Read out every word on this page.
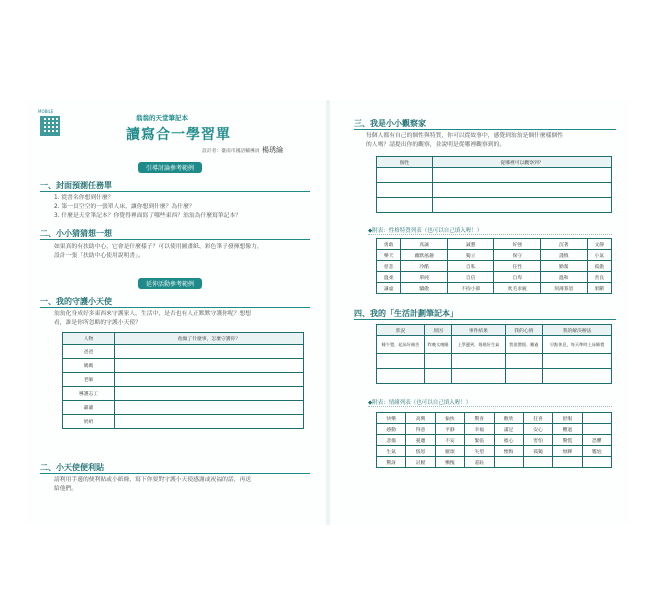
MOBILE
翁翁的天堂筆記本
讀寫合一學習單
設計者：臺南市國語輔導員 楊琇綸
引導討論參考範例
一、封面預測任務單
1. 從書名你想到什麼？
2. 第一頁空空的一張單人床，讓你想到什麼？為什麼？
3. 什麼是天堂筆記本？你覺得裡面寫了哪些東西？翁翁為什麼寫筆記本？
二、小小猜猜想一想
如果真的有扶助中心，它會是什麼樣子？可以使用圖畫紙、彩色筆子發揮想像力，
設計一張「扶助中心使用說明書」。
延伸活動參考範例
一、我的守護小天使
翁翁化身成好多東西來守護家人，生活中，是否也有人正默默守護你呢？想想
看，誰是你所忽略的守護小天使？
人物	他做了什麼事，怎麼守護你？
爸爸	
媽媽	
老師	
導護志工	
爺爺	
奶奶	
二、小天使便利貼
請利用手邊的便利貼或小紙條，寫下你要對守護小天使感謝或祝福的話，再送
給他們。
三、我是小小觀察家
每個人都有自己的個性與特質，你可以從故事中，感覺到翁翁是個什麼樣個性
的人嗎？請提出你的觀察，並說明是從哪裡觀察到的。
個性	從哪裡可以觀察到？

◆附表：性格特質列表（也可以自己填入喔！）
勇敢	真誠	誠懇	好強	沉著	文靜
樂天	幽默風趣	獨立	保守	謹慎	小氣
慈悲	冷酷	自私	任性	勤奮	孤傲
溫柔	單純	自信	自卑	溫和	善良
謙虛	驕傲	不拘小節	吹毛求疵	刻薄寡恩	果斷
四、我的「生活計劃筆記本」
狀況	原因	事件結果	我的心情	我的解決辦法
睡午覺，起床好痛苦	昨晚太晚睡	上學遲到，媽媽好生氣	我很懊惱、難過	早點休息，每天準時上床睡覺

◆附表：情緒列表（也可以自己填入喔！）
快樂	高興	愉快	驚喜	歡欣	狂喜	舒服	
感動	得意	平靜	幸福	滿足	安心	難過	
悲傷	憂慮	不安	緊張	擔心	害怕	驚慌	恐懼
生氣	惱怒	厭煩	失望	懊悔	孤獨	無聊	尷尬
驚訝	討厭	慚愧	羞恥				
